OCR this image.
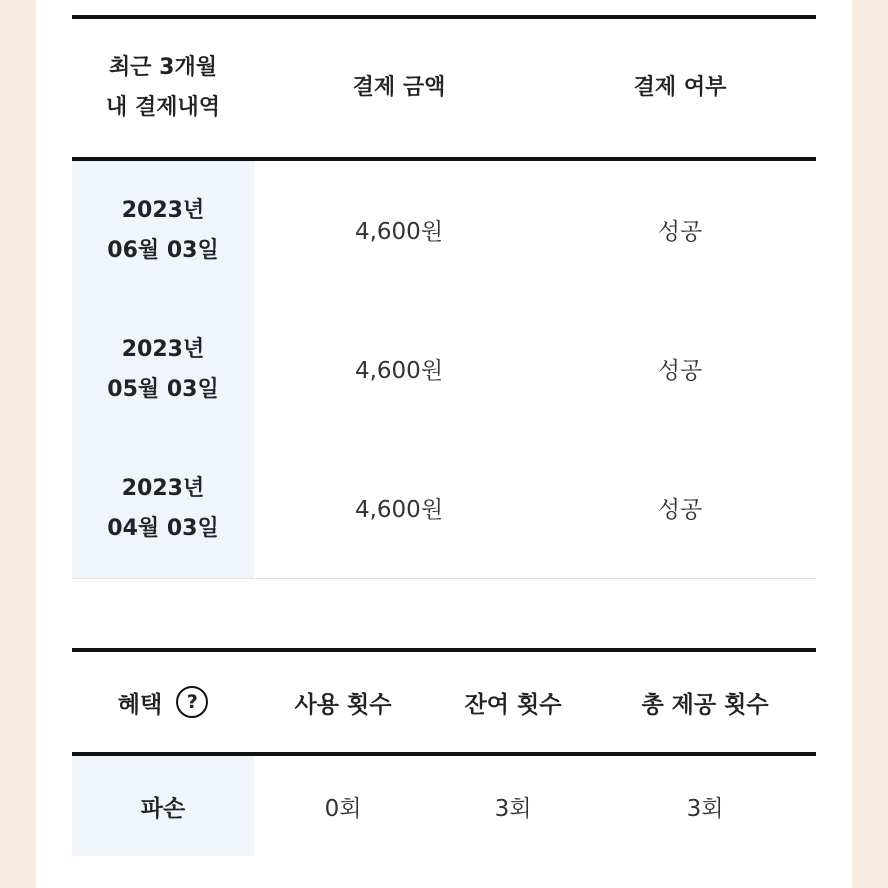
최근 3개월
내 결제내역
결제 금액	결제 여부
2023년
06월 03일
4,600원	성공
2023년
05월 03일
4,600원	성공
2023년
04월 03일
4,600원	성공
혜택	?	사용 횟수	잔여 횟수	총 제공 횟수
파손	0회	3회	3회
